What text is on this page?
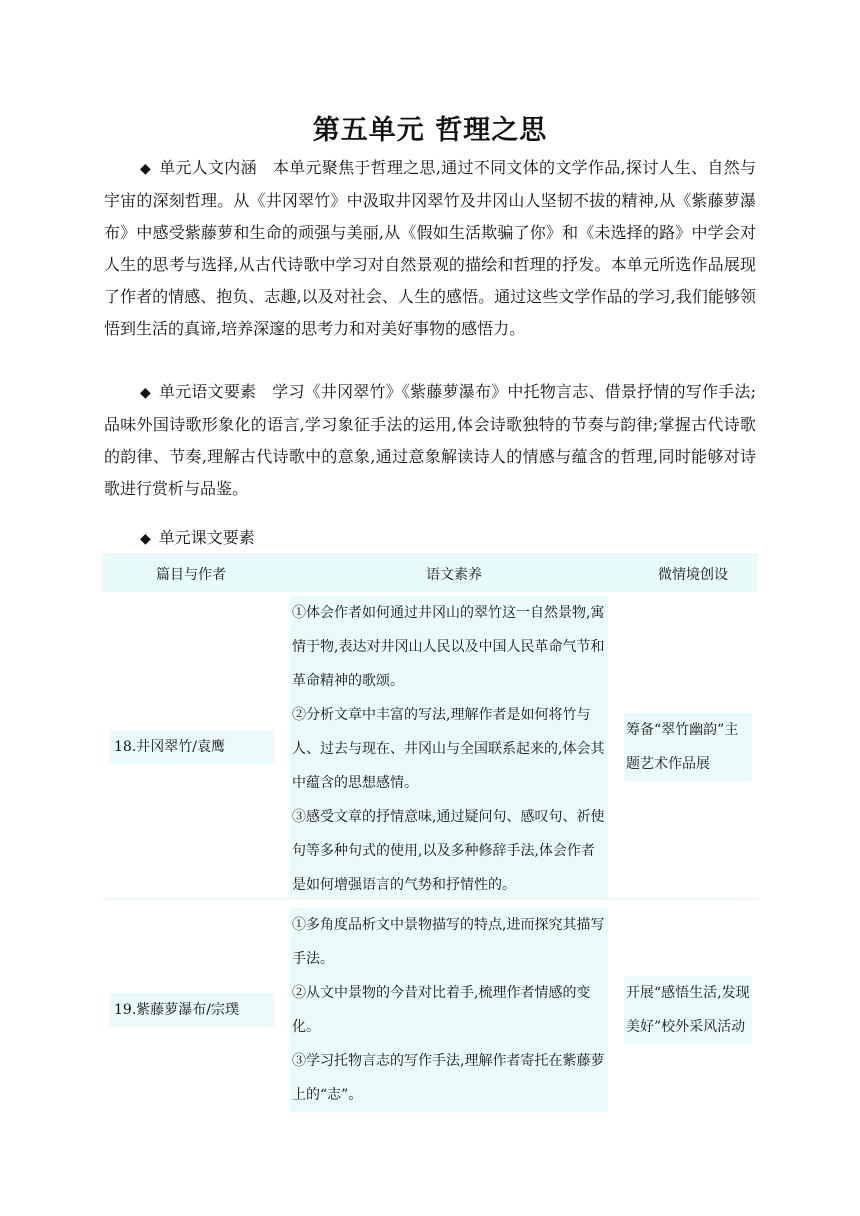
第五单元 哲理之思
◆ 单元人文内涵 本单元聚焦于哲理之思,通过不同文体的文学作品,探讨人生、自然与宇宙的深刻哲理。从《井冈翠竹》中汲取井冈翠竹及井冈山人坚韧不拔的精神,从《紫藤萝瀑布》中感受紫藤萝和生命的顽强与美丽,从《假如生活欺骗了你》和《未选择的路》中学会对人生的思考与选择,从古代诗歌中学习对自然景观的描绘和哲理的抒发。本单元所选作品展现了作者的情感、抱负、志趣,以及对社会、人生的感悟。通过这些文学作品的学习,我们能够领悟到生活的真谛,培养深邃的思考力和对美好事物的感悟力。
◆ 单元语文要素 学习《井冈翠竹》《紫藤萝瀑布》中托物言志、借景抒情的写作手法;品味外国诗歌形象化的语言,学习象征手法的运用,体会诗歌独特的节奏与韵律;掌握古代诗歌的韵律、节奏,理解古代诗歌中的意象,通过意象解读诗人的情感与蕴含的哲理,同时能够对诗歌进行赏析与品鉴。
◆ 单元课文要素
篇目与作者	语文素养	微情境创设
18.井冈翠竹/袁鹰
①体会作者如何通过井冈山的翠竹这一自然景物,寓情于物,表达对井冈山人民以及中国人民革命气节和革命精神的歌颂。
②分析文章中丰富的写法,理解作者是如何将竹与人、过去与现在、井冈山与全国联系起来的,体会其中蕴含的思想感情。
③感受文章的抒情意味,通过疑问句、感叹句、祈使句等多种句式的使用,以及多种修辞手法,体会作者是如何增强语言的气势和抒情性的。
筹备“翠竹幽韵”主题艺术作品展
19.紫藤萝瀑布/宗璞
①多角度品析文中景物描写的特点,进而探究其描写手法。
②从文中景物的今昔对比着手,梳理作者情感的变化。
③学习托物言志的写作手法,理解作者寄托在紫藤萝上的“志”。
开展“感悟生活,发现美好”校外采风活动
